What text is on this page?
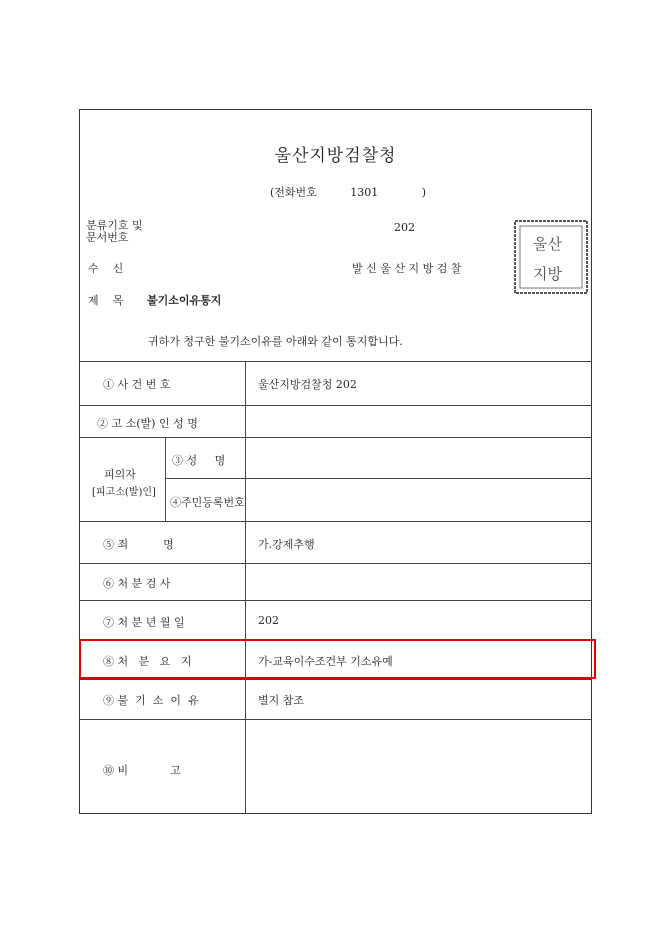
울산지방검찰청
(전화번호	1301	)
분류기호 및
문서번호
202
수    신	발 신 울 산 지 방 검 찰
제    목 불기소이유통지
울산
지방
귀하가 청구한 불기소이유를 아래와 같이 통지합니다.
① 사 건 번 호	울산지방검찰청 202
② 고 소(발) 인 성 명
피의자
[피고소(발)인]
③ 성     명
④주민등록번호
⑤ 죄          명	가.강제추행
⑥ 처 분 검 사
⑦ 처 분 년 월 일	202
⑧ 처   분   요   지	가-교육이수조건부 기소유예
⑨ 불  기  소  이  유	별지 참조
⑩ 비            고
